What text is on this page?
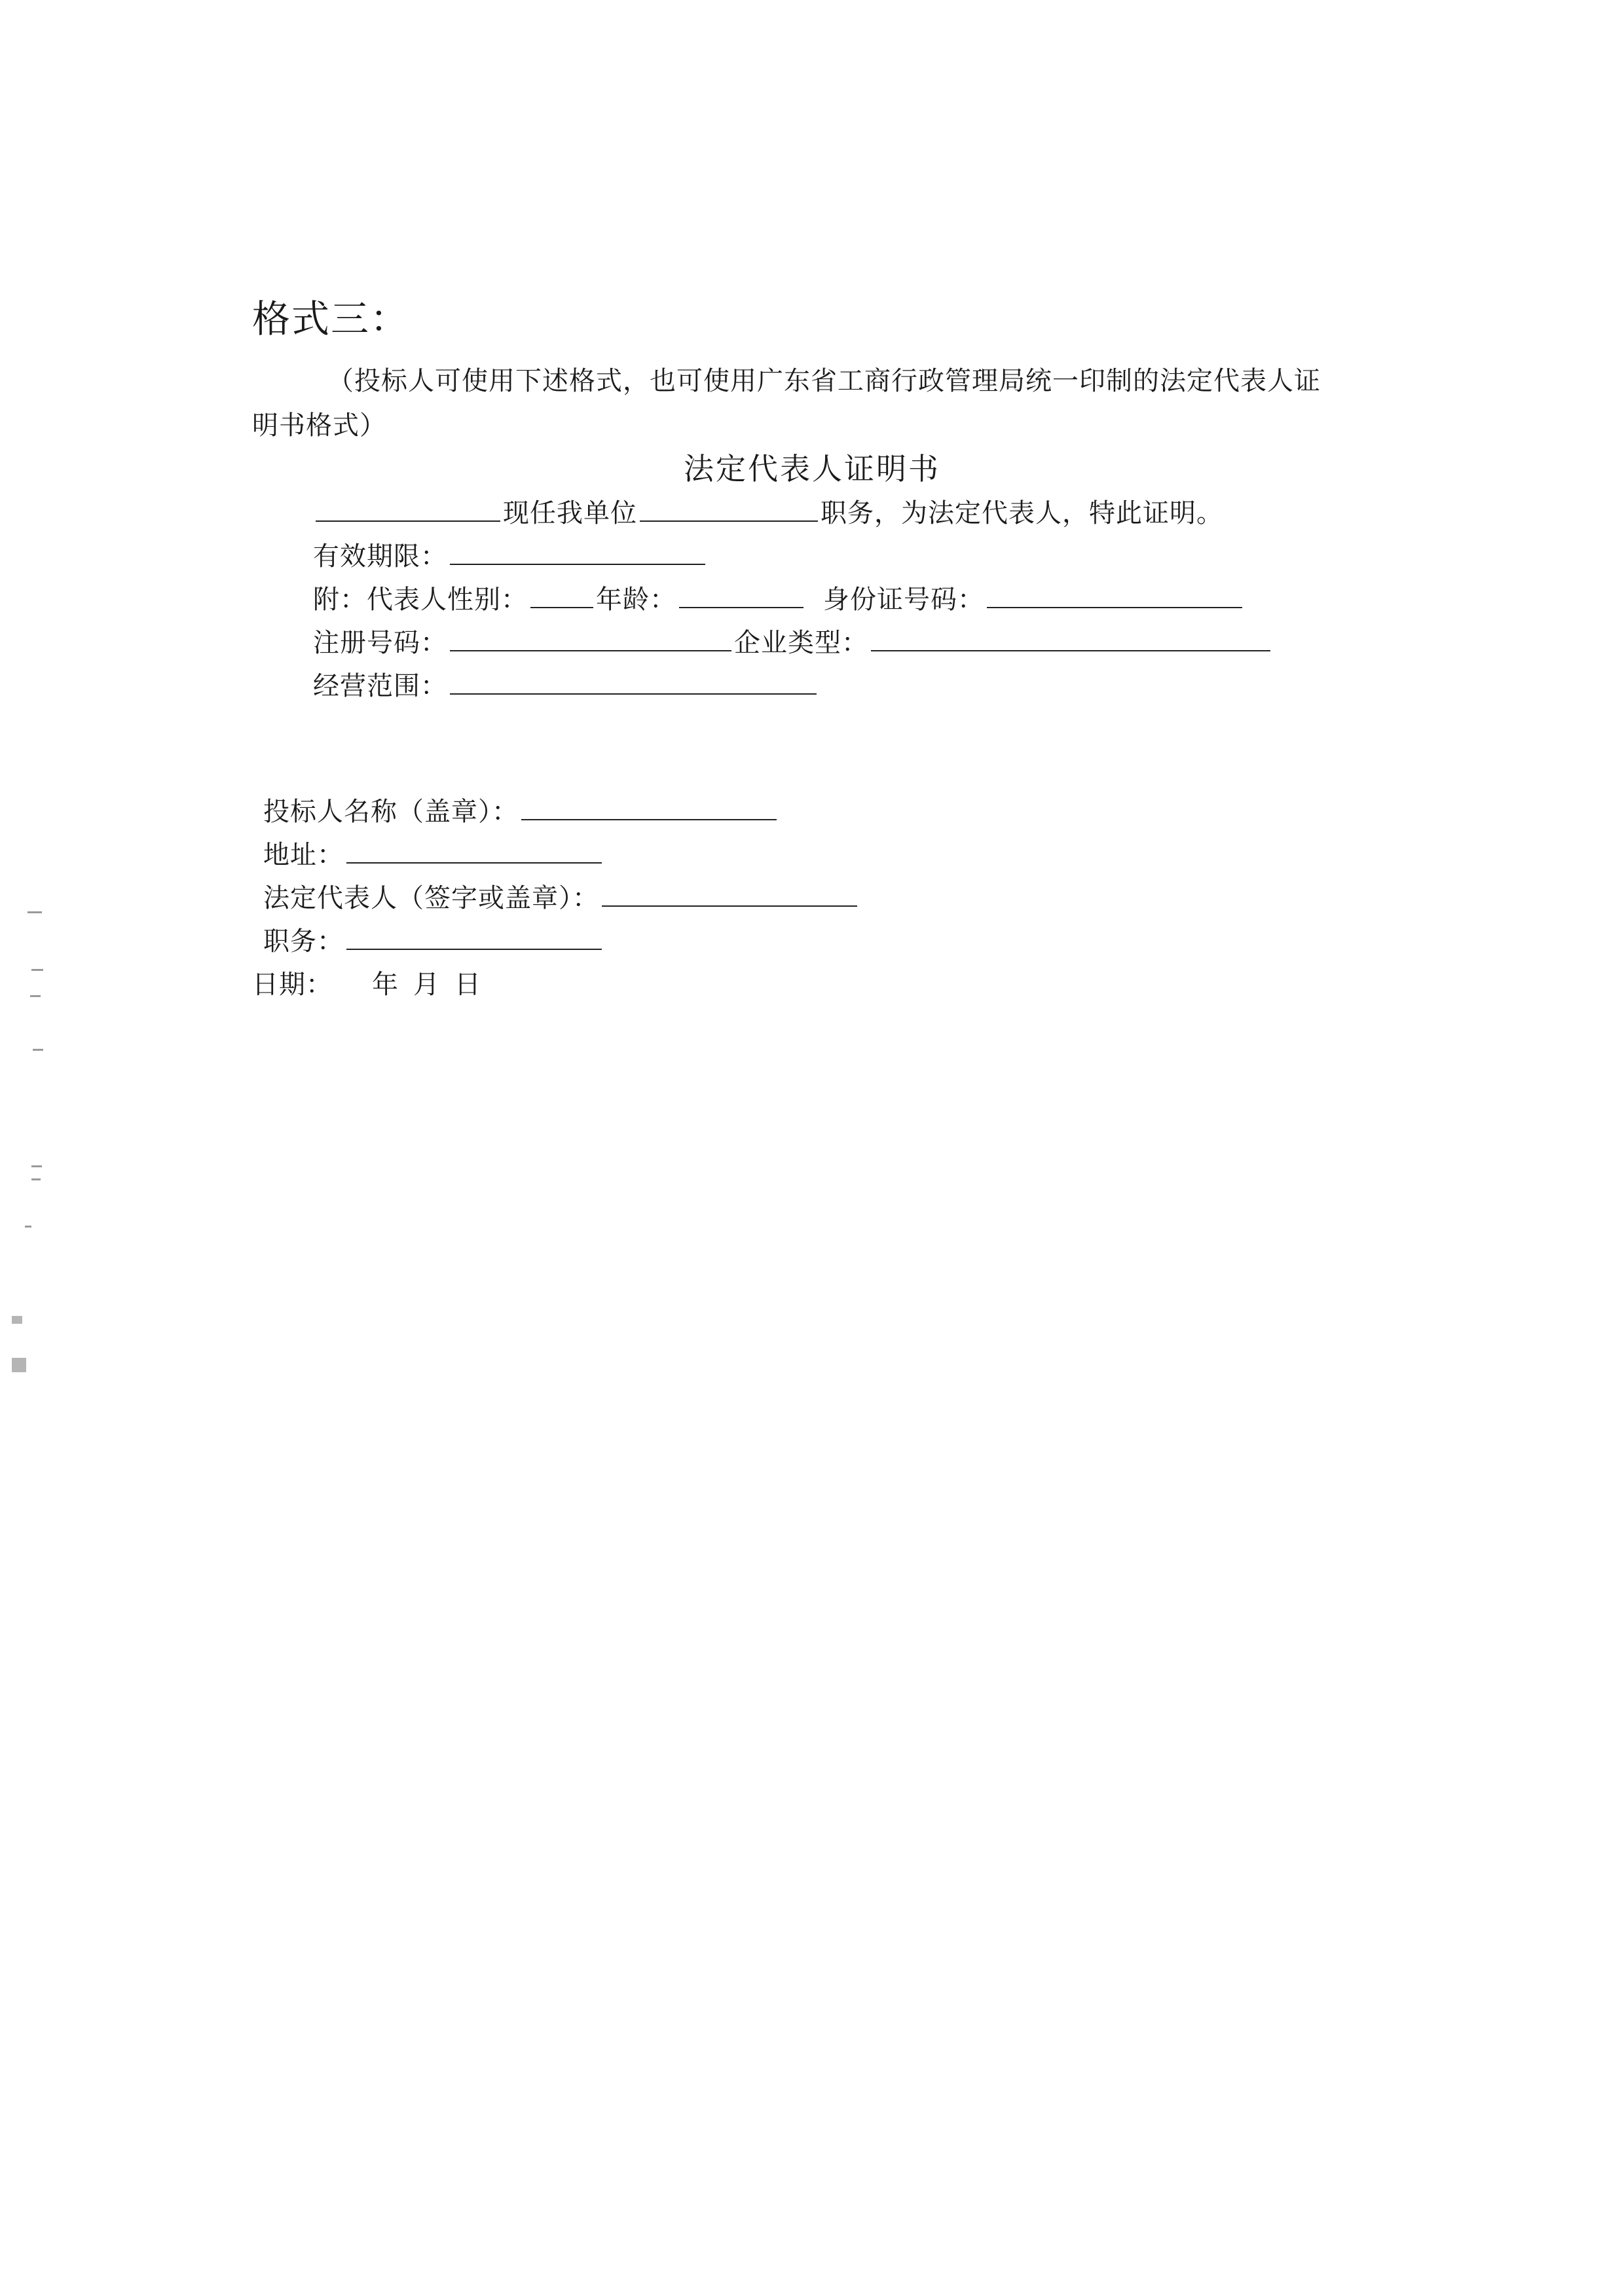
格式三：
（投标人可使用下述格式，也可使用广东省工商行政管理局统一印制的法定代表人证
明书格式）
法定代表人证明书
现任我单位	职务，为法定代表人，特此证明。
有效期限：
附：代表人性别：	年龄：	身份证号码：
注册号码：	企业类型：
经营范围：
投标人名称（盖章）：
地址：
法定代表人（签字或盖章）：
职务：
日期： 年 月 日
